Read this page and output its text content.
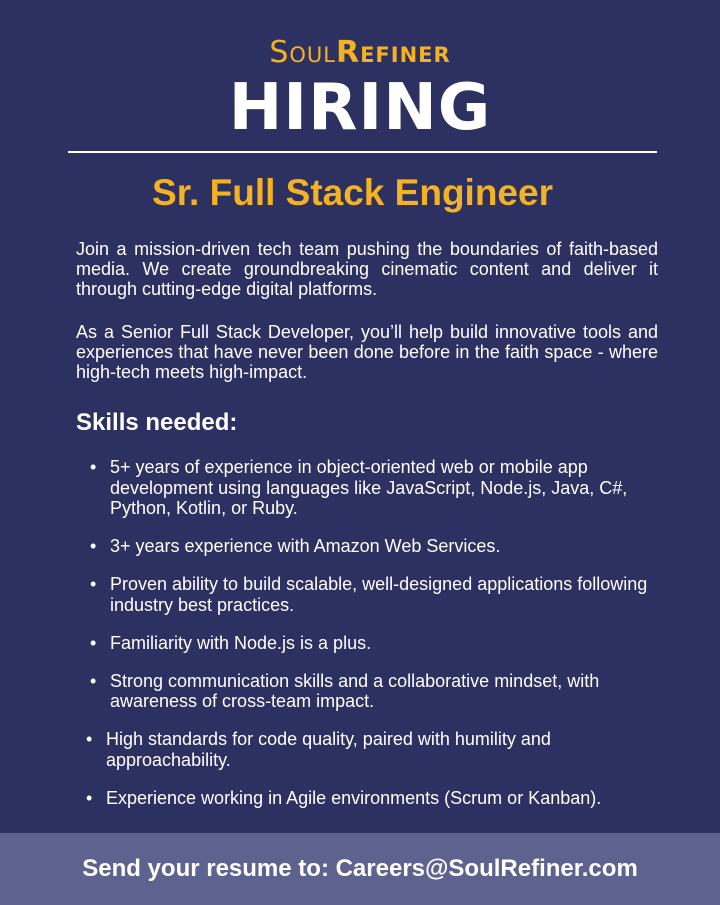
SoulRefiner
HIRING
Sr. Full Stack Engineer
Join a mission-driven tech team pushing the boundaries of faith-based media. We create groundbreaking cinematic content and deliver it through cutting-edge digital platforms.
As a Senior Full Stack Developer, you’ll help build innovative tools and experiences that have never been done before in the faith space - where high-tech meets high-impact.
Skills needed:
• 5+ years of experience in object-oriented web or mobile app development using languages like JavaScript, Node.js, Java, C#, Python, Kotlin, or Ruby.
• 3+ years experience with Amazon Web Services.
• Proven ability to build scalable, well-designed applications following industry best practices.
• Familiarity with Node.js is a plus.
• Strong communication skills and a collaborative mindset, with awareness of cross-team impact.
• High standards for code quality, paired with humility and approachability.
• Experience working in Agile environments (Scrum or Kanban).
Send your resume to: Careers@SoulRefiner.com
